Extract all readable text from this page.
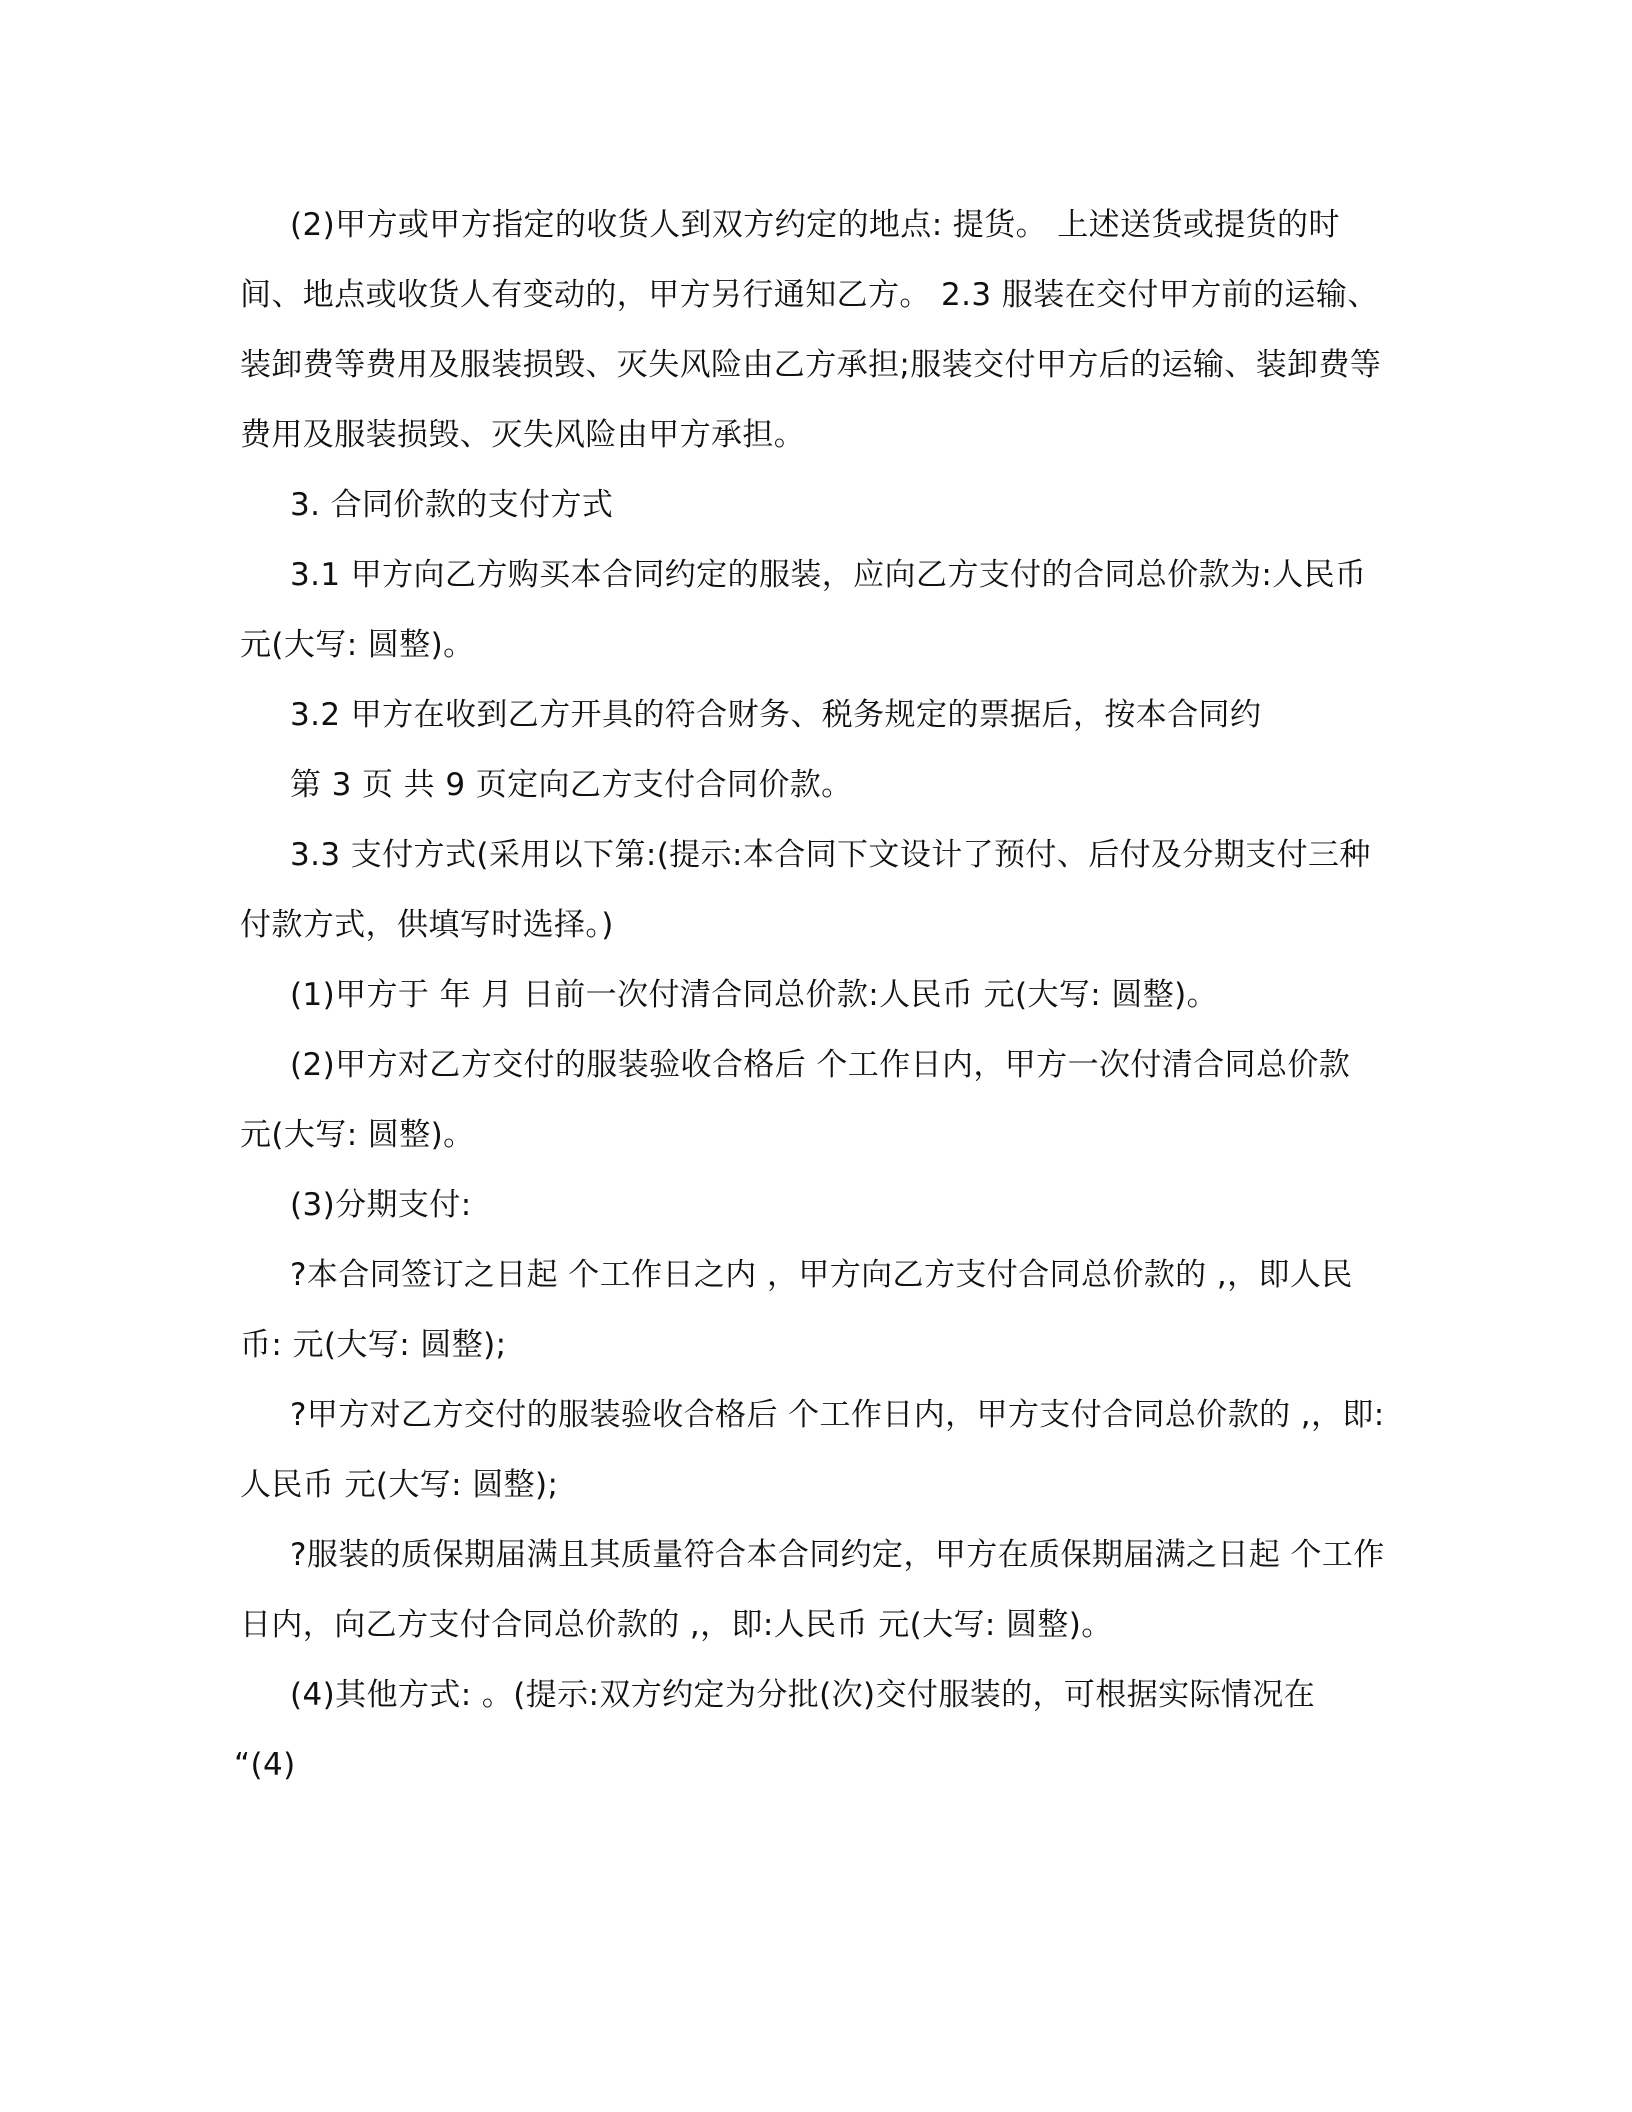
(2)甲方或甲方指定的收货人到双方约定的地点: 提货。 上述送货或提货的时间、地点或收货人有变动的，甲方另行通知乙方。 2.3 服装在交付甲方前的运输、装卸费等费用及服装损毁、灭失风险由乙方承担;服装交付甲方后的运输、装卸费等费用及服装损毁、灭失风险由甲方承担。

3. 合同价款的支付方式

3.1 甲方向乙方购买本合同约定的服装，应向乙方支付的合同总价款为:人民币 元(大写: 圆整)。

3.2 甲方在收到乙方开具的符合财务、税务规定的票据后，按本合同约

第 3 页 共 9 页定向乙方支付合同价款。

3.3 支付方式(采用以下第:(提示:本合同下文设计了预付、后付及分期支付三种付款方式，供填写时选择。)

(1)甲方于 年 月 日前一次付清合同总价款:人民币 元(大写: 圆整)。

(2)甲方对乙方交付的服装验收合格后 个工作日内，甲方一次付清合同总价款 元(大写: 圆整)。

(3)分期支付:

?本合同签订之日起 个工作日之内 ，甲方向乙方支付合同总价款的 ,，即人民币: 元(大写: 圆整);

?甲方对乙方交付的服装验收合格后 个工作日内，甲方支付合同总价款的 ,，即:人民币 元(大写: 圆整);

?服装的质保期届满且其质量符合本合同约定，甲方在质保期届满之日起 个工作日内，向乙方支付合同总价款的 ,，即:人民币 元(大写: 圆整)。

(4)其他方式: 。(提示:双方约定为分批(次)交付服装的，可根据实际情况在

“(4)
